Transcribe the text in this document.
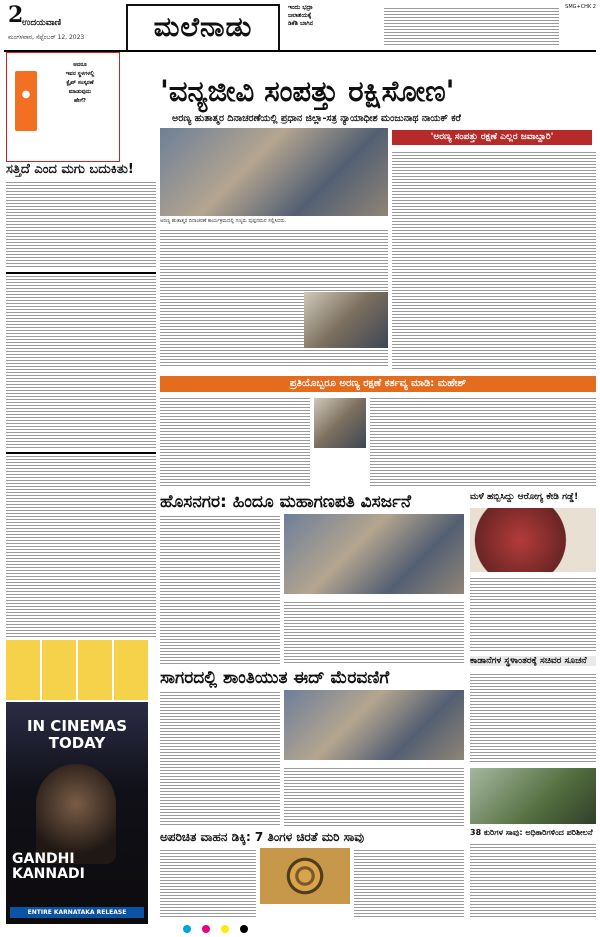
2
ಉದಯವಾಣಿ
ಮಂಗಳವಾರ, ಸೆಪ್ಟೆಂಬರ್ 12, 2023	ಮಲೆನಾಡು
ಇಂದು ಭದ್ರಾ
ಜಲಾಶಯಕ್ಕೆ
ಡಿಕೆಶಿ ಬಾಗಿನ
SMG+CHK 2
●
ಆದರೂ
ಇವರ ಸ್ಥಳಗಳಲ್ಲಿ
ಕ್ಲೈಪ್ ಸಂಸ್ಕರಣೆ
ಮಾಡುವುದು
ಹೇಗೆ?
ಸತ್ತಿದೆ ಎಂದ ಮಗು ಬದುಕಿತು!
IN CINEMAS
TODAY
GANDHI KANNADI
ENTIRE KARNATAKA RELEASE
'ವನ್ಯಜೀವಿ ಸಂಪತ್ತು ರಕ್ಷಿಸೋಣ'
ಅರಣ್ಯ ಹುತಾತ್ಮರ ದಿನಾಚರಣೆಯಲ್ಲಿ ಪ್ರಧಾನ ಜಿಲ್ಲಾ-ಸತ್ರ ನ್ಯಾಯಾಧೀಶ ಮಂಜುನಾಥ ನಾಯಕ್ ಕರೆ
'ಅರಣ್ಯ ಸಂಪತ್ತು ರಕ್ಷಣೆ ಎಲ್ಲರ ಜವಾಬ್ದಾರಿ'
ಅರಣ್ಯ ಹುತಾತ್ಮರ ದಿನಾಚರಣೆ ಕಾರ್ಯಕ್ರಮದಲ್ಲಿ ಗಣ್ಯರು ಪುಷ್ಪನಮನ ಸಲ್ಲಿಸಿದರು.
ಪ್ರತಿಯೊಬ್ಬರೂ ಅರಣ್ಯ ರಕ್ಷಣೆ ಕರ್ತವ್ಯ ಮಾಡಿ: ಮಹೇಶ್
ಹೊಸನಗರ: ಹಿಂದೂ ಮಹಾಗಣಪತಿ ವಿಸರ್ಜನೆ	ಮಳೆ ಹಬ್ಬಿಸಿದ್ದು ಆರೋಗ್ಯ ಕೇಡಿ ಗಡ್ಡೆ!
ಕಾಡಾನೆಗಳ ಸ್ಥಳಾಂತರಕ್ಕೆ ಸಚಿವರ ಸೂಚನೆ
38 ಕುರಿಗಳ ಸಾವು: ಅಧಿಕಾರಿಗಳಿಂದ ಪರಿಶೀಲನೆ
ಸಾಗರದಲ್ಲಿ ಶಾಂತಿಯುತ ಈದ್ ಮೆರವಣಿಗೆ
ಅಪರಿಚಿತ ವಾಹನ ಡಿಕ್ಕಿ: 7 ತಿಂಗಳ ಚಿರತೆ ಮರಿ ಸಾವು
